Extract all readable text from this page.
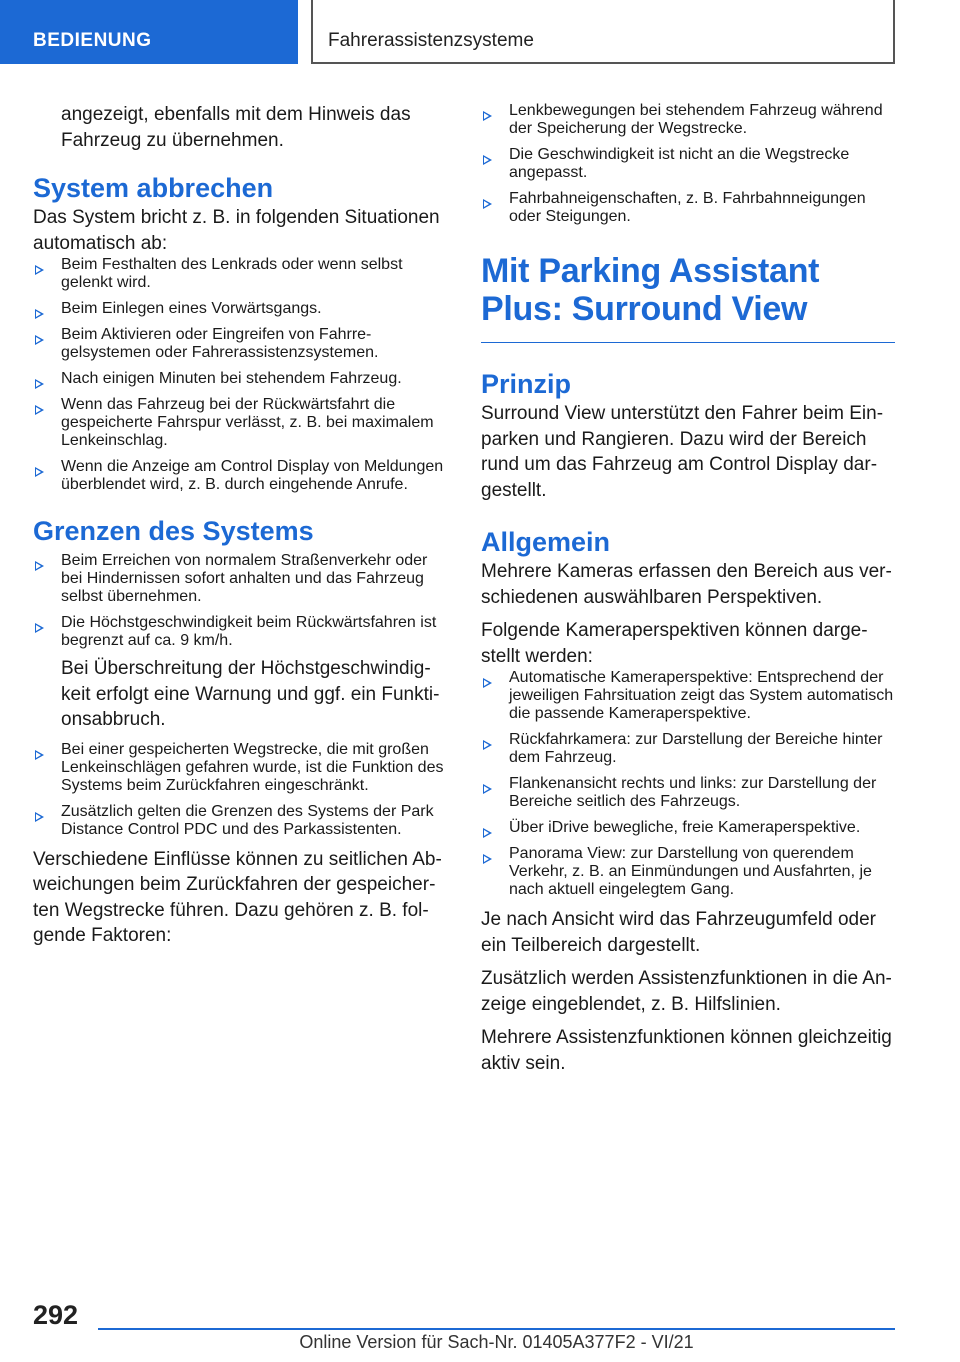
BEDIENUNG	Fahrerassistenzsysteme

angezeigt, ebenfalls mit dem Hinweis das Fahrzeug zu übernehmen.

System abbrechen

Das System bricht z. B. in folgenden Situationen automatisch ab:

Beim Festhalten des Lenkrads oder wenn selbst gelenkt wird.
Beim Einlegen eines Vorwärtsgangs.
Beim Aktivieren oder Eingreifen von Fahrregelsystemen oder Fahrerassistenzsystemen.
Nach einigen Minuten bei stehendem Fahrzeug.
Wenn das Fahrzeug bei der Rückwärtsfahrt die gespeicherte Fahrspur verlässt, z. B. bei maximalem Lenkeinschlag.
Wenn die Anzeige am Control Display von Meldungen überblendet wird, z. B. durch eingehende Anrufe.
Grenzen des Systems
Beim Erreichen von normalem Straßenverkehr oder bei Hindernissen sofort anhalten und das Fahrzeug selbst übernehmen.
Die Höchstgeschwindigkeit beim Rückwärtsfahren ist begrenzt auf ca. 9 km/h.

Bei Überschreitung der Höchstgeschwindigkeit erfolgt eine Warnung und ggf. ein Funktionsabbruch.

Bei einer gespeicherten Wegstrecke, die mit großen Lenkeinschlägen gefahren wurde, ist die Funktion des Systems beim Zurückfahren eingeschränkt.
Zusätzlich gelten die Grenzen des Systems der Park Distance Control PDC und des Parkassistenten.

Verschiedene Einflüsse können zu seitlichen Abweichungen beim Zurückfahren der gespeicherten Wegstrecke führen. Dazu gehören z. B. folgende Faktoren:

Lenkbewegungen bei stehendem Fahrzeug während der Speicherung der Wegstrecke.
Die Geschwindigkeit ist nicht an die Wegstrecke angepasst.
Fahrbahneigenschaften, z. B. Fahrbahnneigungen oder Steigungen.
Mit Parking Assistant Plus: Surround View
Prinzip

Surround View unterstützt den Fahrer beim Einparken und Rangieren. Dazu wird der Bereich rund um das Fahrzeug am Control Display dargestellt.

Allgemein

Mehrere Kameras erfassen den Bereich aus verschiedenen auswählbaren Perspektiven.

Folgende Kameraperspektiven können dargestellt werden:

Automatische Kameraperspektive: Entsprechend der jeweiligen Fahrsituation zeigt das System automatisch die passende Kameraperspektive.
Rückfahrkamera: zur Darstellung der Bereiche hinter dem Fahrzeug.
Flankenansicht rechts und links: zur Darstellung der Bereiche seitlich des Fahrzeugs.
Über iDrive bewegliche, freie Kameraperspektive.
Panorama View: zur Darstellung von querendem Verkehr, z. B. an Einmündungen und Ausfahrten, je nach aktuell eingelegtem Gang.

Je nach Ansicht wird das Fahrzeugumfeld oder ein Teilbereich dargestellt.

Zusätzlich werden Assistenzfunktionen in die Anzeige eingeblendet, z. B. Hilfslinien.

Mehrere Assistenzfunktionen können gleichzeitig aktiv sein.

292
Online Version für Sach-Nr. 01405A377F2 - VI/21
